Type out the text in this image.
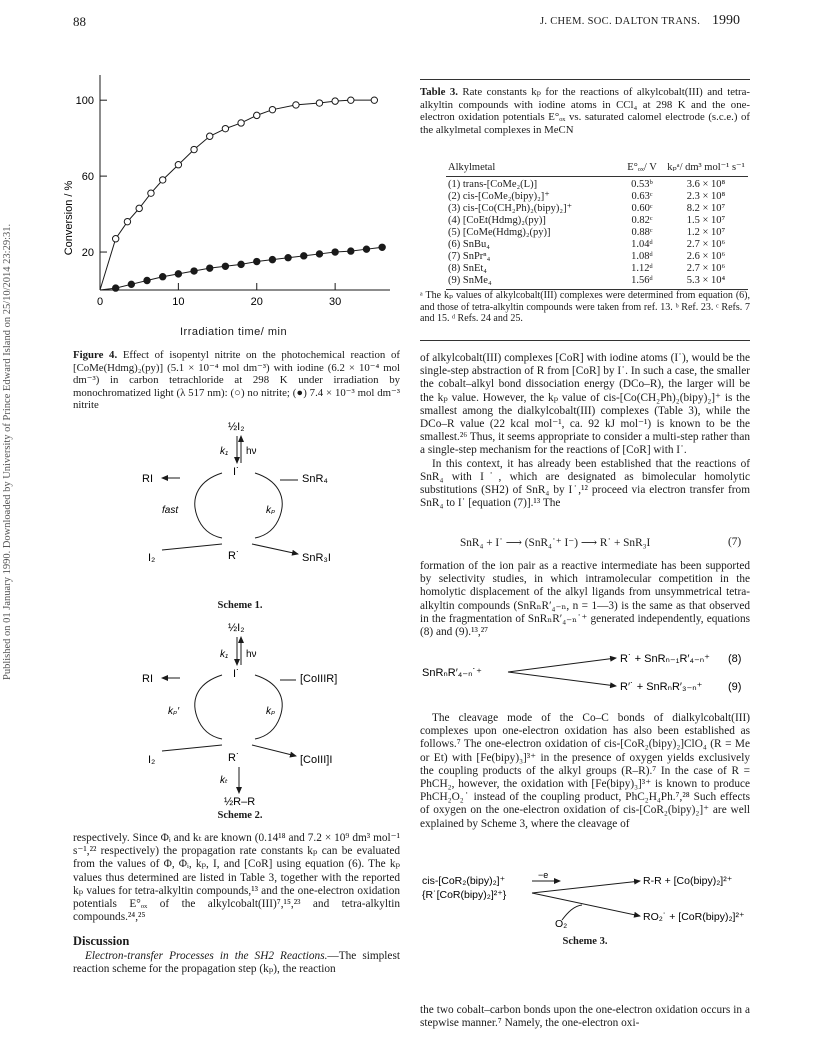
Published on 01 January 1990. Downloaded by University of Prince Edward Island on 25/10/2014 23:29:31.
88	J. CHEM. SOC. DALTON TRANS. 1990
0	10	20	30
20
60
100
Conversion / %
Irradiation time/ min
Figure 4. Effect of isopentyl nitrite on the photochemical reaction of [CoMe(Hdmg)₂(py)] (5.1 × 10⁻⁴ mol dm⁻³) with iodine (6.2 × 10⁻⁴ mol dm⁻³) in carbon tetrachloride at 298 K under irradiation by monochromatized light (λ 517 nm): (○) no nitrite; (●) 7.4 × 10⁻³ mol dm⁻³ nitrite
½I₂
k₁ hν
I˙
RI	SnR₄
fast	kₚ
I₂	R˙	SnR₃I
Scheme 1.
½I₂
k₁ hν
I˙
RI	[CoIIIR]
kₚ′	kₚ
I₂	R˙	[CoIII]I
kₜ
½R–R
Scheme 2.

respectively. Since Φᵢ and kₜ are known (0.14¹⁸ and 7.2 × 10⁹ dm³ mol⁻¹ s⁻¹,²² respectively) the propagation rate constants kₚ can be evaluated from the values of Φ, Φᵢ, kₚ, I, and [CoR] using equation (6). The kₚ values thus determined are listed in Table 3, together with the reported kₚ values for tetra-alkyltin compounds,¹³ and the one-electron oxidation potentials E°ₒₓ of the alkylcobalt(III)⁷,¹⁵,²³ and tetra-alkyltin compounds.²⁴,²⁵

Discussion

Electron-transfer Processes in the SH2 Reactions.—The simplest reaction scheme for the propagation step (kₚ), the reaction

Table 3. Rate constants kₚ for the reactions of alkylcobalt(III) and tetra-alkyltin compounds with iodine atoms in CCl₄ at 298 K and the one-electron oxidation potentials E°ₒₓ vs. saturated calomel electrode (s.c.e.) of the alkylmetal complexes in MeCN
Alkylmetal	E°ₒₓ/ V	kₚᵃ/ dm³ mol⁻¹ s⁻¹

(1) trans-[CoMe₂(L)]	0.53ᵇ	3.6 × 10⁸
(2) cis-[CoMe₂(bipy)₂]⁺	0.63ᶜ	2.3 × 10⁸
(3) cis-[Co(CH₂Ph)₂(bipy)₂]⁺	0.60ᶜ	8.2 × 10⁷
(4) [CoEt(Hdmg)₂(py)]	0.82ᶜ	1.5 × 10⁷
(5) [CoMe(Hdmg)₂(py)]	0.88ᶜ	1.2 × 10⁷
(6) SnBu₄	1.04ᵈ	2.7 × 10⁶
(7) SnPrⁿ₄	1.08ᵈ	2.6 × 10⁶
(8) SnEt₄	1.12ᵈ	2.7 × 10⁶
(9) SnMe₄	1.56ᵈ	5.3 × 10⁴

ᵃ The kₚ values of alkylcobalt(III) complexes were determined from equation (6), and those of tetra-alkyltin compounds were taken from ref. 13. ᵇ Ref. 23. ᶜ Refs. 7 and 15. ᵈ Refs. 24 and 25.

of alkylcobalt(III) complexes [CoR] with iodine atoms (I˙), would be the single-step abstraction of R from [CoR] by I˙. In such a case, the smaller the cobalt–alkyl bond dissociation energy (DCo–R), the larger will be the kₚ value. However, the kₚ value of cis-[Co(CH₂Ph)₂(bipy)₂]⁺ is the smallest among the dialkylcobalt(III) complexes (Table 3), while the DCo–R value (22 kcal mol⁻¹, ca. 92 kJ mol⁻¹) is known to be the smallest.²⁶ Thus, it seems appropriate to consider a multi-step rather than a single-step mechanism for the reactions of [CoR] with I˙.

In this context, it has already been established that the reactions of SnR₄ with I˙, which are designated as bimolecular homolytic substitutions (SH2) of SnR₄ by I˙,¹² proceed via electron transfer from SnR₄ to I˙ [equation (7)].¹³ The

SnR₄ + I˙ ⟶ (SnR₄˙⁺ I⁻) ⟶ R˙ + SnR₃I	(7)

formation of the ion pair as a reactive intermediate has been supported by selectivity studies, in which intramolecular competition in the homolytic displacement of the alkyl ligands from unsymmetrical tetra-alkyltin compounds (SnRₙR′₄₋ₙ, n = 1—3) is the same as that observed in the fragmentation of SnRₙR′₄₋ₙ˙⁺ generated independently, equations (8) and (9).¹³,²⁷

SnRₙR′₄₋ₙ˙⁺
R˙ + SnRₙ₋₁R′₄₋ₙ⁺ (8)
R′˙ + SnRₙR′₃₋ₙ⁺ (9)

The cleavage mode of the Co–C bonds of dialkylcobalt(III) complexes upon one-electron oxidation has also been established as follows.⁷ The one-electron oxidation of cis-[CoR₂(bipy)₂]ClO₄ (R = Me or Et) with [Fe(bipy)₃]³⁺ in the presence of oxygen yields exclusively the coupling products of the alkyl groups (R–R).⁷ In the case of R = PhCH₂, however, the oxidation with [Fe(bipy)₃]³⁺ is known to produce PhCH₂O₂˙ instead of the coupling product, PhC₂H₄Ph.⁷,²⁸ Such effects of oxygen on the one-electron oxidation of cis-[CoR₂(bipy)₂]⁺ are well explained by Scheme 3, where the cleavage of

cis-[CoR₂(bipy)₂]⁺	−e
{R˙[CoR(bipy)₂]²⁺}
O₂
R-R + [Co(bipy)₂]²⁺
RO₂˙ + [CoR(bipy)₂]²⁺
Scheme 3.

the two cobalt–carbon bonds upon the one-electron oxidation occurs in a stepwise manner.⁷ Namely, the one-electron oxi-
